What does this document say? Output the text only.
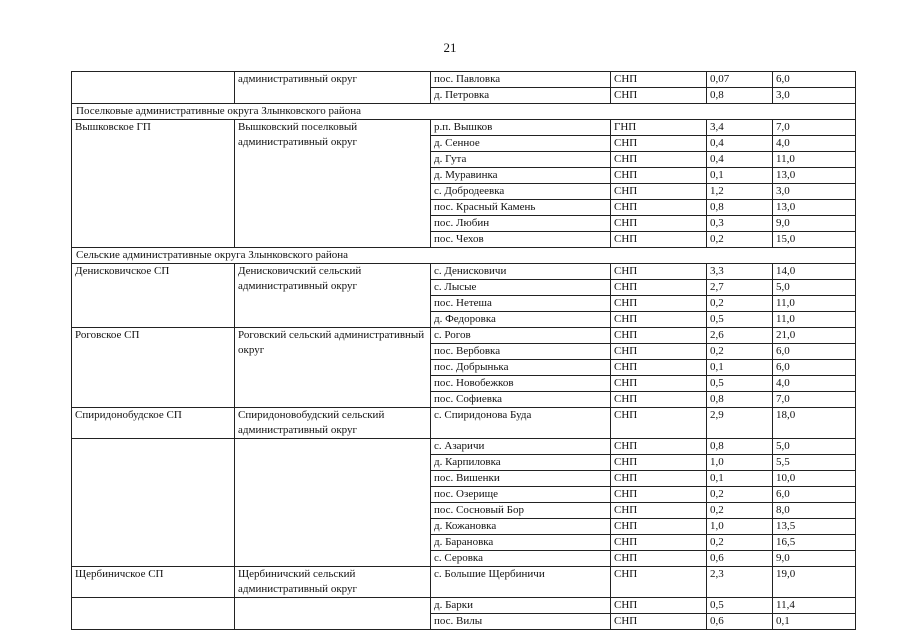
21
	административный округ	пос. Павловка	СНП	0,07	6,0
		д. Петровка	СНП	0,8	3,0
Поселковые административные округа Злынковского района					
Вышковское ГП	Вышковский поселковый административный округ	р.п. Вышков	ГНП	3,4	7,0
		д. Сенное	СНП	0,4	4,0
		д. Гута	СНП	0,4	11,0
		д. Муравинка	СНП	0,1	13,0
		с. Добродеевка	СНП	1,2	3,0
		пос. Красный Камень	СНП	0,8	13,0
		пос. Любин	СНП	0,3	9,0
		пос. Чехов	СНП	0,2	15,0
Сельские административные округа Злынковского района					
Денисковичское СП	Денисковичский сельский административный округ	с. Денисковичи	СНП	3,3	14,0
		с. Лысые	СНП	2,7	5,0
		пос. Нетеша	СНП	0,2	11,0
		д. Федоровка	СНП	0,5	11,0
Роговское СП	Роговский сельский административный округ	с. Рогов	СНП	2,6	21,0
		пос. Вербовка	СНП	0,2	6,0
		пос. Добрынька	СНП	0,1	6,0
		пос. Новобежков	СНП	0,5	4,0
		пос. Софиевка	СНП	0,8	7,0
Спиридонобудское СП	Спиридоновобудский сельский административный округ	с. Спиридонова Буда	СНП	2,9	18,0
		с. Азаричи	СНП	0,8	5,0
		д. Карпиловка	СНП	1,0	5,5
		пос. Вишенки	СНП	0,1	10,0
		пос. Озерище	СНП	0,2	6,0
		пос. Сосновый Бор	СНП	0,2	8,0
		д. Кожановка	СНП	1,0	13,5
		д. Барановка	СНП	0,2	16,5
		с. Серовка	СНП	0,6	9,0
Щербиничское СП	Щербиничский сельский административный округ	с. Большие Щербиничи	СНП	2,3	19,0
		д. Барки	СНП	0,5	11,4
		пос. Вилы	СНП	0,6	0,1
